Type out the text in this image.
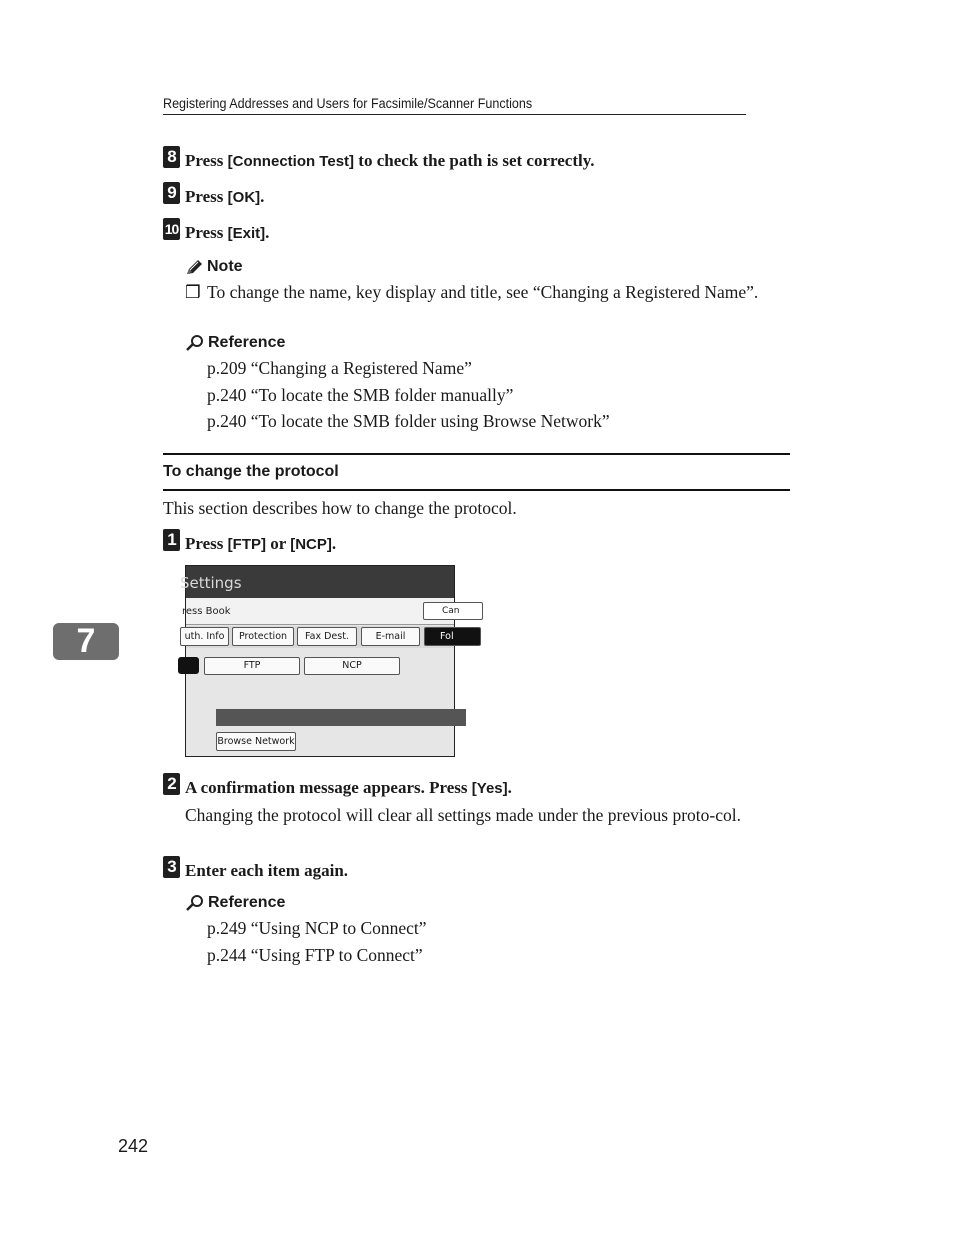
Registering Addresses and Users for Facsimile/Scanner Functions
8 Press [Connection Test] to check the path is set correctly.
9 Press [OK].
10 Press [Exit].
Note
❒ To change the name, key display and title, see “Changing a Registered Name”.
Reference
p.209 “Changing a Registered Name”
p.240 “To locate the SMB folder manually”
p.240 “To locate the SMB folder using Browse Network”
To change the protocol
This section describes how to change the protocol.
1 Press [FTP] or [NCP].
7
Settings
ress Book	Can
uth. Info	Protection	Fax Dest.	E-mail	Fol
FTP	NCP
Browse Network
2 A confirmation message appears. Press [Yes].
Changing the protocol will clear all settings made under the previous proto-col.
3 Enter each item again.
Reference
p.249 “Using NCP to Connect”
p.244 “Using FTP to Connect”
242
